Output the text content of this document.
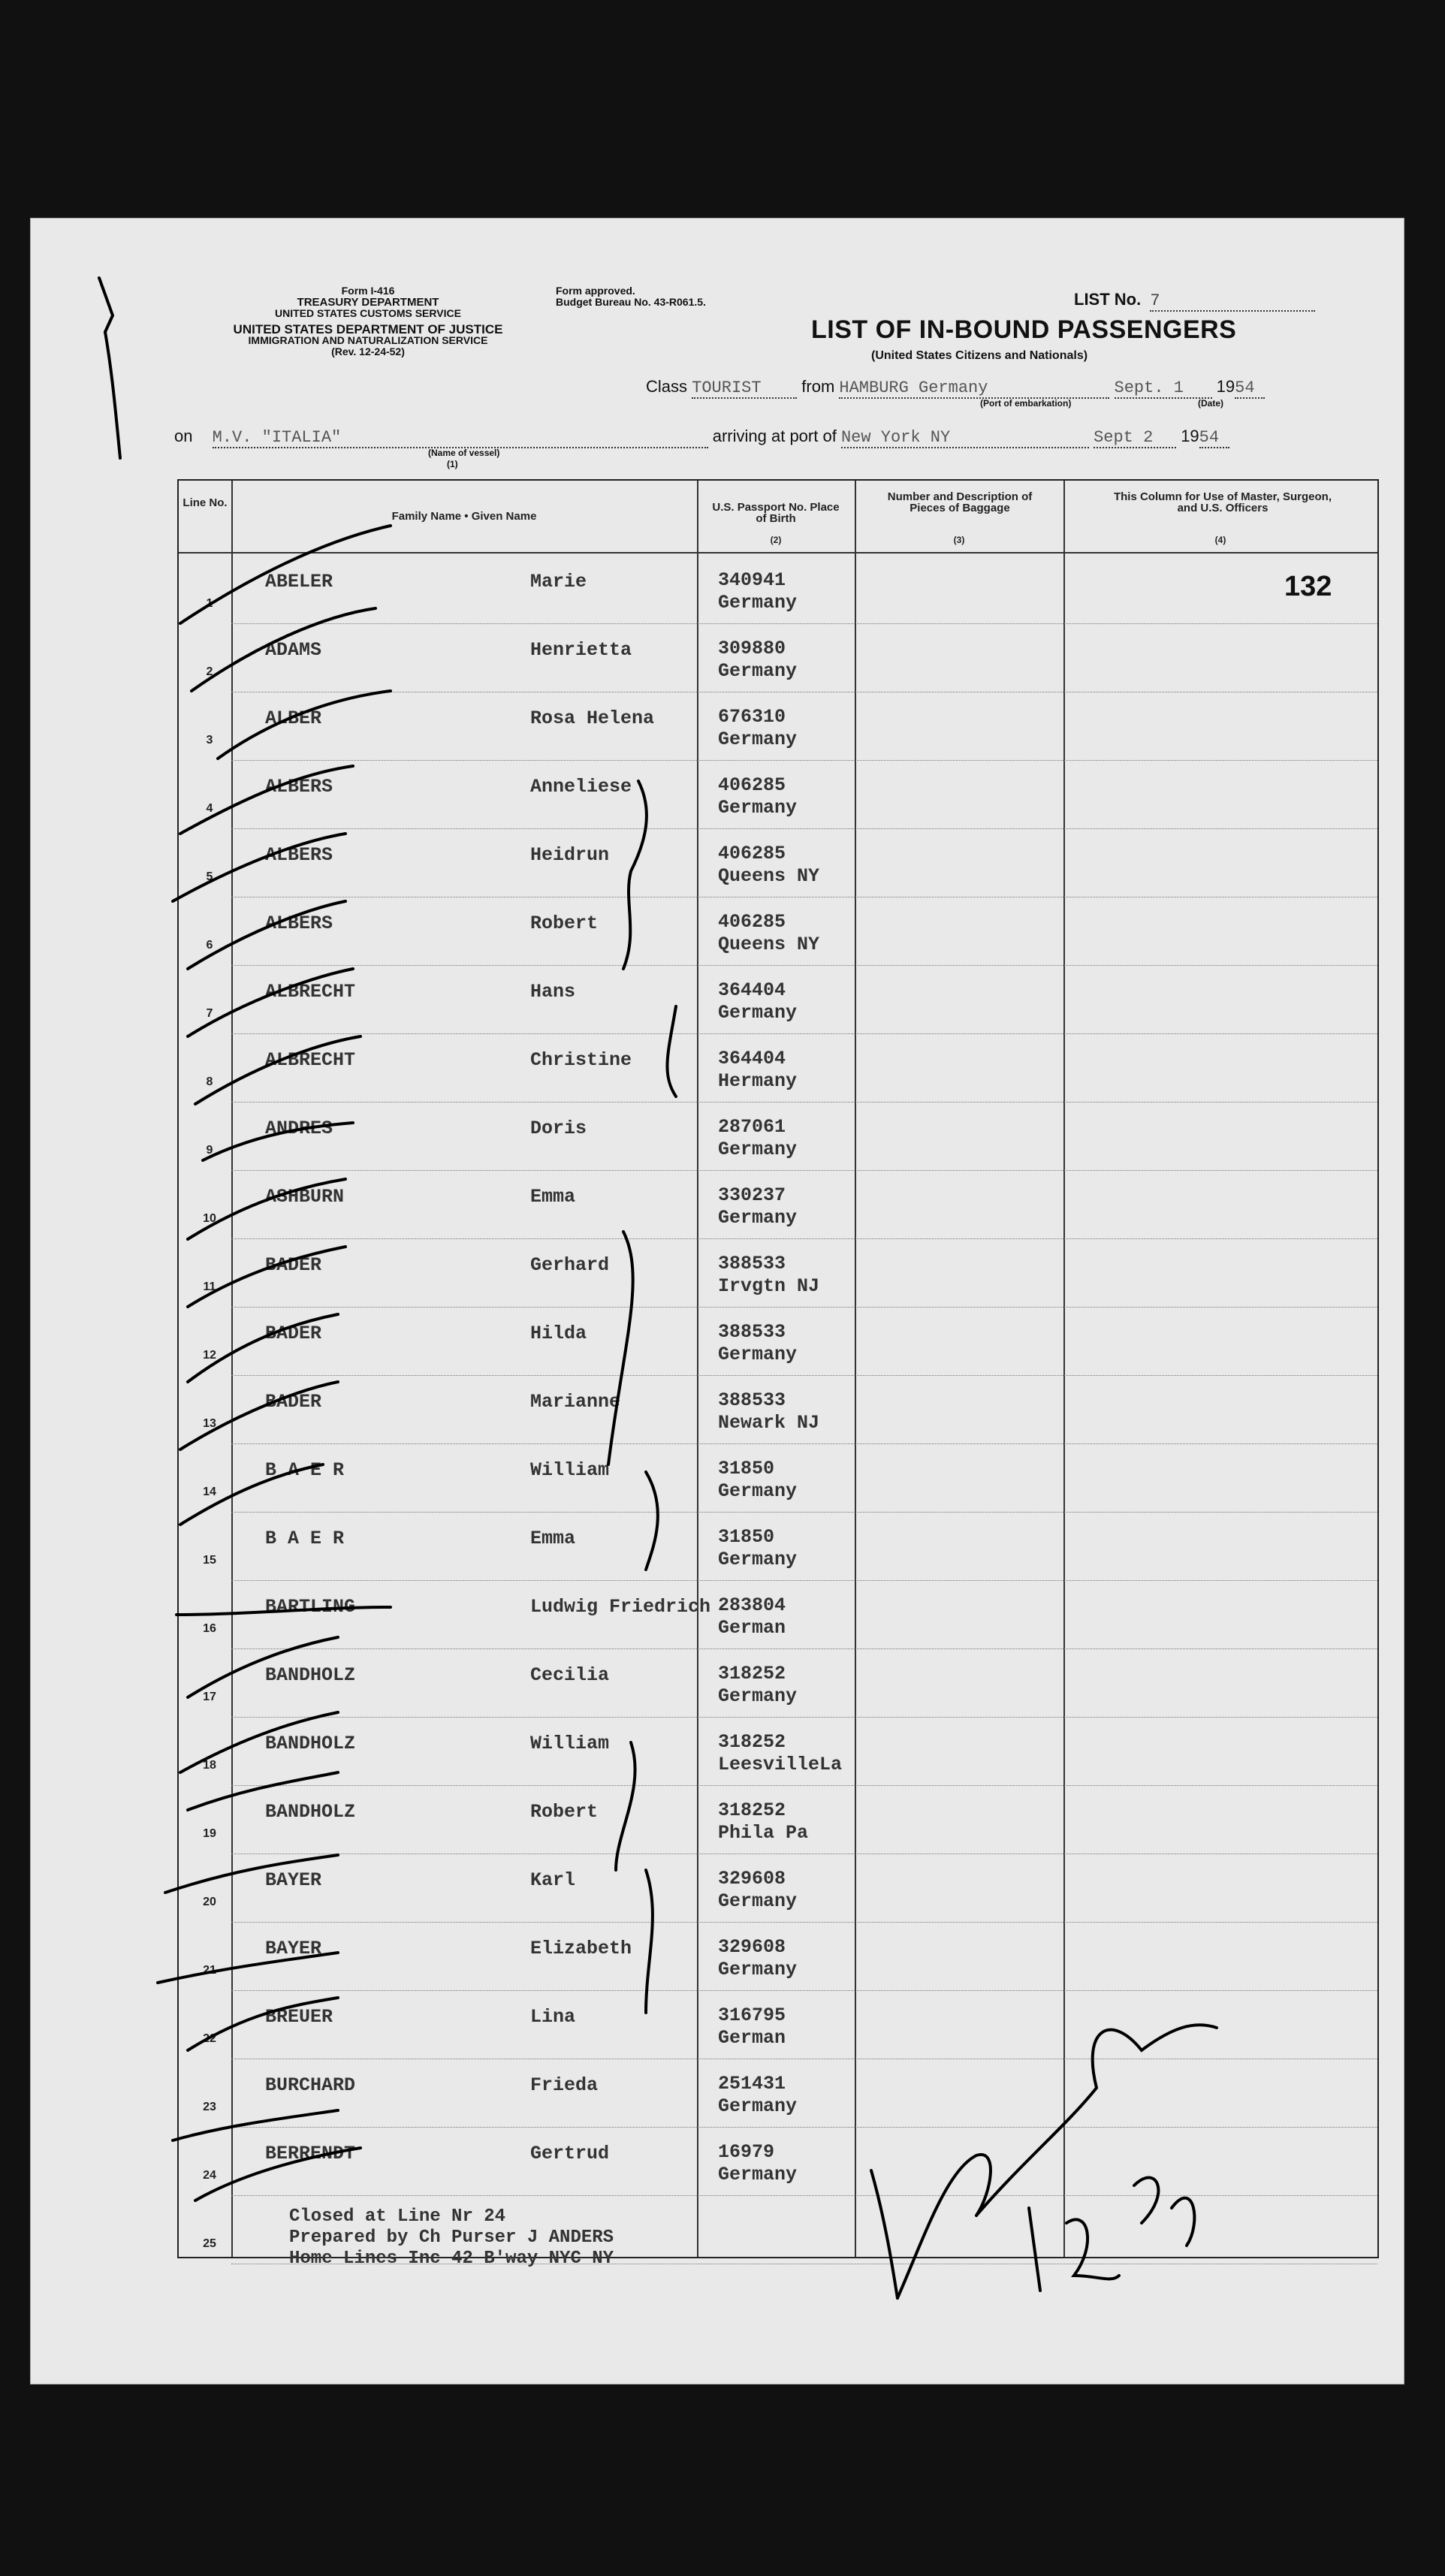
Form I-416
TREASURY DEPARTMENT
UNITED STATES CUSTOMS SERVICE
UNITED STATES DEPARTMENT OF JUSTICE
IMMIGRATION AND NATURALIZATION SERVICE
(Rev. 12-24-52)
Form approved.
Budget Bureau No. 43-R061.5.	LIST No. 7
LIST OF IN-BOUND PASSENGERS
(United States Citizens and Nationals)
Class TOURIST from HAMBURG Germany	Sept. 1 1954
(Port of embarkation)	(Date)
on M.V. "ITALIA"	arriving at port of New York NY	Sept 2 1954
(Name of vessel)
(1)
Line No.
Family Name • Given Name
U.S. Passport No. Place of Birth
(2)
Number and Description of Pieces of Baggage
(3)
This Column for Use of Master, Surgeon, and U.S. Officers
(4)
1
ABELER	Marie	340941
Germany
2
ADAMS	Henrietta	309880
Germany
3
ALBER	Rosa Helena	676310
Germany
4
ALBERS	Anneliese	406285
Germany
5
ALBERS	Heidrun	406285
Queens NY
6
ALBERS	Robert	406285
Queens NY
7
ALBRECHT	Hans	364404
Germany
8
ALBRECHT	Christine	364404
Hermany
9
ANDRES	Doris	287061
Germany
10
ASHBURN	Emma	330237
Germany
11
BADER	Gerhard	388533
Irvgtn NJ
12
BADER	Hilda	388533
Germany
13
BADER	Marianne	388533
Newark NJ
14
B A E R	William	31850
Germany
15
B A E R	Emma	31850
Germany
16
BARTLING	Ludwig Friedrich 283804
German
17
BANDHOLZ	Cecilia	318252
Germany
18
BANDHOLZ	William	318252
LeesvilleLa
19
BANDHOLZ	Robert	318252
Phila Pa
20
BAYER	Karl	329608
Germany
21
BAYER	Elizabeth	329608
Germany
22
BREUER	Lina	316795
German
23
BURCHARD	Frieda	251431
Germany
24
BERRENDT	Gertrud	16979
Germany
25
132
Closed at Line Nr 24
Prepared by Ch Purser J ANDERS
Home Lines Inc 42 B'way NYC NY
